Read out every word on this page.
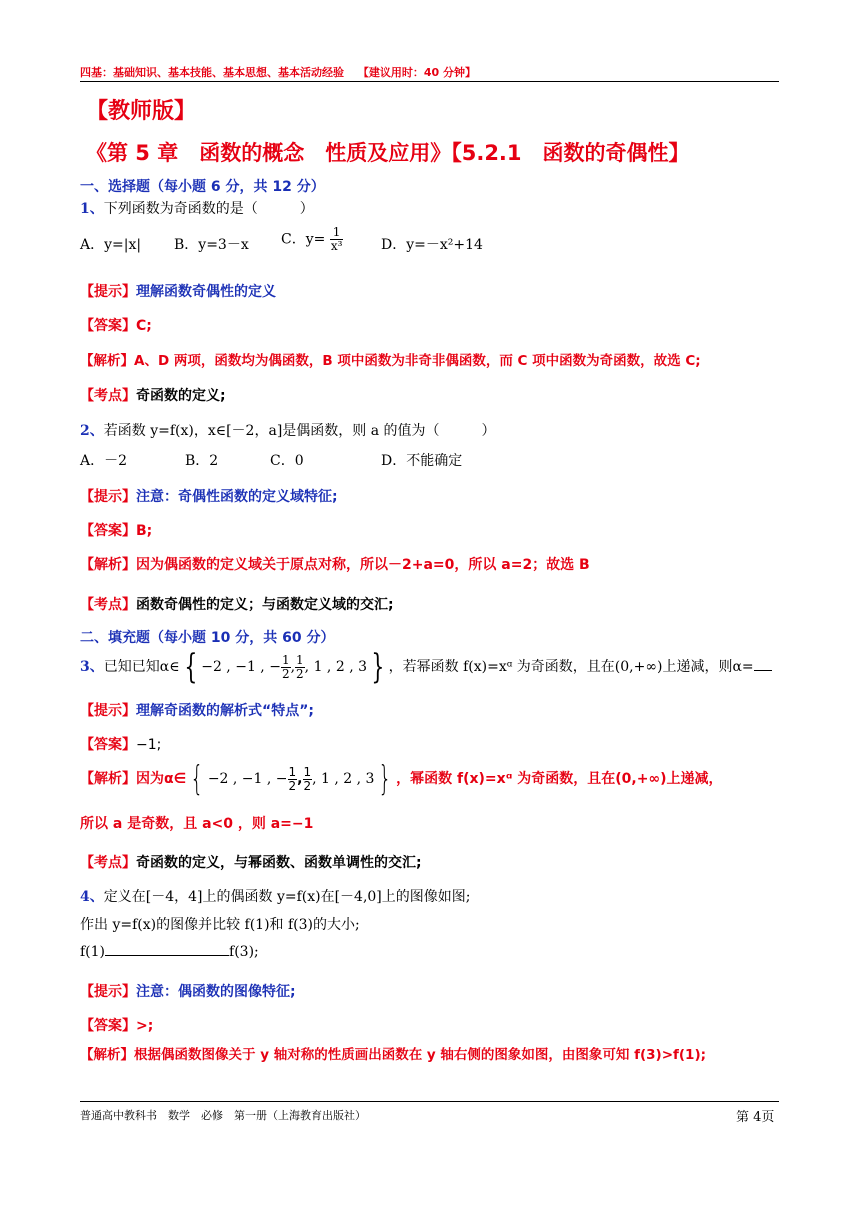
四基：基础知识、基本技能、基本思想、基本活动经验 【建议用时：40 分钟】
【教师版】
《第 5 章　函数的概念　性质及应用》【5.2.1　函数的奇偶性】
一、选择题（每小题 6 分，共 12 分）
1、下列函数为奇函数的是（　　　）
A．y=|x| B．y=3－x C．$y= \frac{1}{\text{x³}}$	D．y=－x²+14
【提示】理解函数奇偶性的定义
【答案】C;
【解析】A、D 两项，函数均为偶函数，B 项中函数为非奇非偶函数，而 C 项中函数为奇函数，故选 C;
【考点】奇函数的定义;
2、若函数 y=f(x)，x∈[－2，a]是偶函数，则 a 的值为（　　　）
A．－2	B．2	C．0	D．不能确定
【提示】注意：奇偶性函数的定义域特征;
【答案】B;
【解析】因为偶函数的定义域关于原点对称，所以－2+a=0，所以 a=2；故选 B
【考点】函数奇偶性的定义；与函数定义域的交汇;
二、填充题（每小题 10 分，共 60 分）
3、已知已知α∈ { −2 , −1 , − $\frac{1}{2}$ , $\frac{1}{2}$ , 1 , 2 , 3 } ，若幂函数 f(x)=xᵅ 为奇函数，且在(0,+∞)上递减，则α=
【提示】理解奇函数的解析式“特点”;
【答案】−1;
【解析】因为α∈ { −2 , −1 , − $\frac{1}{2}$ , $\frac{1}{2}$ , 1 , 2 , 3 } ，幂函数 f(x)=xᵅ 为奇函数，且在(0,+∞)上递减，
所以 a 是奇数，且 a<0 ，则 a=−1
【考点】奇函数的定义，与幂函数、函数单调性的交汇;
4、定义在[－4，4]上的偶函数 y=f(x)在[－4,0]上的图像如图;
作出 y=f(x)的图像并比较 f(1)和 f(3)的大小;
f(1)	f(3);
【提示】注意：偶函数的图像特征;
【答案】>;
【解析】根据偶函数图像关于 y 轴对称的性质画出函数在 y 轴右侧的图象如图，由图象可知 f(3)>f(1);
普通高中教科书　数学　必修　第一册（上海教育出版社）	第 4页
